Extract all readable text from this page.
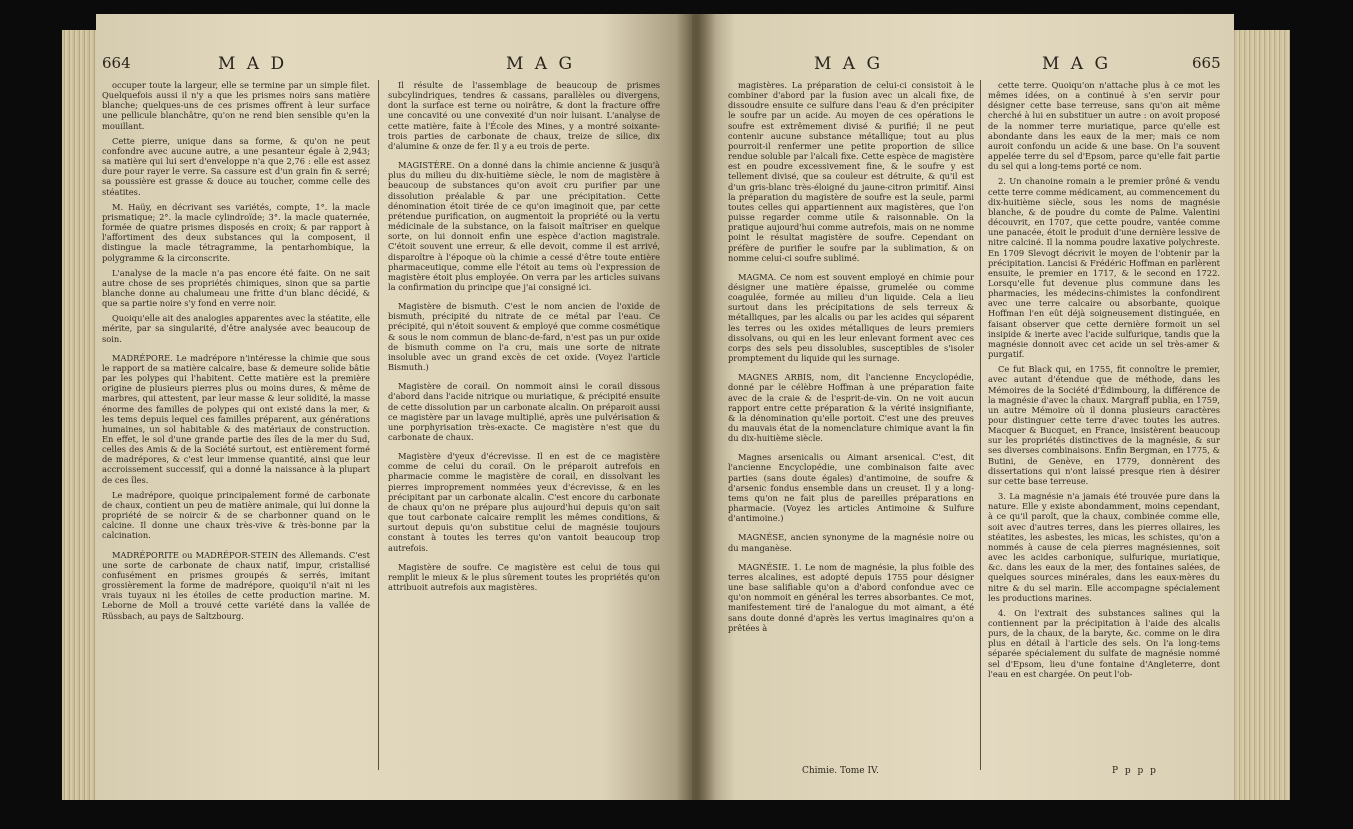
664	M A D	M A G

occuper toute la largeur, elle se termine par un simple filet. Quelquefois aussi il n'y a que les prismes noirs sans matière blanche; quelques-uns de ces prismes offrent à leur surface une pellicule blanchâtre, qu'on ne rend bien sensible qu'en la mouillant.

Cette pierre, unique dans sa forme, & qu'on ne peut confondre avec aucune autre, a une pesanteur égale à 2,943; sa matière qui lui sert d'enveloppe n'a que 2,76 : elle est assez dure pour rayer le verre. Sa cassure est d'un grain fin & serré; sa poussière est grasse & douce au toucher, comme celle des stéatites.

M. Haüy, en décrivant ses variétés, compte, 1°. la macle prismatique; 2°. la macle cylindroïde; 3°. la macle quaternée, formée de quatre prismes disposés en croix; & par rapport à l'affortiment des deux substances qui la composent, il distingue la macle tétragramme, la pentarhombique, la polygramme & la circonscrite.

L'analyse de la macle n'a pas encore été faite. On ne sait autre chose de ses propriétés chimiques, sinon que sa partie blanche donne au chalumeau une fritte d'un blanc décidé, & que sa partie noire s'y fond en verre noir.

Quoiqu'elle ait des analogies apparentes avec la stéatite, elle mérite, par sa singularité, d'être analysée avec beaucoup de soin.

MADRÉPORE. Le madrépore n'intéresse la chimie que sous le rapport de sa matière calcaire, base & demeure solide bâtie par les polypes qui l'habitent. Cette matière est la première origine de plusieurs pierres plus ou moins dures, & même de marbres, qui attestent, par leur masse & leur solidité, la masse énorme des familles de polypes qui ont existé dans la mer, & les tems depuis lequel ces familles préparent, aux générations humaines, un sol habitable & des matériaux de construction. En effet, le sol d'une grande partie des îles de la mer du Sud, celles des Amis & de la Société surtout, est entièrement formé de madrépores, & c'est leur immense quantité, ainsi que leur accroissement successif, qui a donné la naissance à la plupart de ces îles.

Le madrépore, quoique principalement formé de carbonate de chaux, contient un peu de matière animale, qui lui donne la propriété de se noircir & de se charbonner quand on le calcine. Il donne une chaux très-vive & très-bonne par la calcination.

MADRÉPORITE ou MADRÉPOR-STEIN des Allemands. C'est une sorte de carbonate de chaux natif, impur, cristallisé confusément en prismes groupés & serrés, imitant grossièrement la forme de madrépore, quoiqu'il n'ait ni les vrais tuyaux ni les étoiles de cette production marine. M. Leborne de Moll a trouvé cette variété dans la vallée de Rüssbach, au pays de Saltzbourg.

Il résulte de l'assemblage de beaucoup de prismes subcylindriques, tendres & cassans, parallèles ou divergens, dont la surface est terne ou noirâtre, & dont la fracture offre une concavité ou une convexité d'un noir luisant. L'analyse de cette matière, faite à l'École des Mines, y a montré soixante-trois parties de carbonate de chaux, treize de silice, dix d'alumine & onze de fer. Il y a eu trois de perte.

MAGISTÈRE. On a donné dans la chimie ancienne & jusqu'à plus du milieu du dix-huitième siècle, le nom de magistère à beaucoup de substances qu'on avoit cru purifier par une dissolution préalable & par une précipitation. Cette dénomination étoit tirée de ce qu'on imaginoit que, par cette prétendue purification, on augmentoit la propriété ou la vertu médicinale de la substance, on la faisoit maîtriser en quelque sorte, on lui donnoit enfin une espèce d'action magistrale. C'étoit souvent une erreur, & elle devoit, comme il est arrivé, disparoître à l'époque où la chimie a cessé d'être toute entière pharmaceutique, comme elle l'étoit au tems où l'expression de magistère étoit plus employée. On verra par les articles suivans la confirmation du principe que j'ai consigné ici.

Magistère de bismuth. C'est le nom ancien de l'oxide de bismuth, précipité du nitrate de ce métal par l'eau. Ce précipité, qui n'étoit souvent & employé que comme cosmétique & sous le nom commun de blanc-de-fard, n'est pas un pur oxide de bismuth comme on l'a cru, mais une sorte de nitrate insoluble avec un grand excès de cet oxide. (Voyez l'article Bismuth.)

Magistère de corail. On nommoit ainsi le corail dissous d'abord dans l'acide nitrique ou muriatique, & précipité ensuite de cette dissolution par un carbonate alcalin. On préparoit aussi ce magistère par un lavage multiplié, après une pulvérisation & une porphyrisation très-exacte. Ce magistère n'est que du carbonate de chaux.

Magistère d'yeux d'écrevisse. Il en est de ce magistère comme de celui du corail. On le préparoit autrefois en pharmacie comme le magistère de corail, en dissolvant les pierres improprement nommées yeux d'écrevisse, & en les précipitant par un carbonate alcalin. C'est encore du carbonate de chaux qu'on ne prépare plus aujourd'hui depuis qu'on sait que tout carbonate calcaire remplit les mêmes conditions, & surtout depuis qu'on substitue celui de magnésie toujours constant à toutes les terres qu'on vantoit beaucoup trop autrefois.

Magistère de soufre. Ce magistère est celui de tous qui remplit le mieux & le plus sûrement toutes les propriétés qu'on attribuoit autrefois aux magistères.

M A G	M A G	665

magistères. La préparation de celui-ci consistoit à le combiner d'abord par la fusion avec un alcali fixe, de dissoudre ensuite ce sulfure dans l'eau & d'en précipiter le soufre par un acide. Au moyen de ces opérations le soufre est extrêmement divisé & purifié; il ne peut contenir aucune substance métallique; tout au plus pourroit-il renfermer une petite proportion de silice rendue soluble par l'alcali fixe. Cette espèce de magistère est en poudre excessivement fine, & le soufre y est tellement divisé, que sa couleur est détruite, & qu'il est d'un gris-blanc très-éloigné du jaune-citron primitif. Ainsi la préparation du magistère de soufre est la seule, parmi toutes celles qui appartiennent aux magistères, que l'on puisse regarder comme utile & raisonnable. On la pratique aujourd'hui comme autrefois, mais on ne nomme point le résultat magistère de soufre. Cependant on préfère de purifier le soufre par la sublimation, & on nomme celui-ci soufre sublimé.

MAGMA. Ce nom est souvent employé en chimie pour désigner une matière épaisse, grumelée ou comme coagulée, formée au milieu d'un liquide. Cela a lieu surtout dans les précipitations de sels terreux & métalliques, par les alcalis ou par les acides qui séparent les terres ou les oxides métalliques de leurs premiers dissolvans, ou qui en les leur enlevant forment avec ces corps des sels peu dissolubles, susceptibles de s'isoler promptement du liquide qui les surnage.

MAGNES ARBIS, nom, dit l'ancienne Encyclopédie, donné par le célèbre Hoffman à une préparation faite avec de la craie & de l'esprit-de-vin. On ne voit aucun rapport entre cette préparation & la vérité insignifiante, & la dénomination qu'elle portoit. C'est une des preuves du mauvais état de la nomenclature chimique avant la fin du dix-huitième siècle.

Magnes arsenicalis ou Aimant arsenical. C'est, dit l'ancienne Encyclopédie, une combinaison faite avec parties (sans doute égales) d'antimoine, de soufre & d'arsenic fondus ensemble dans un creuset. Il y a long-tems qu'on ne fait plus de pareilles préparations en pharmacie. (Voyez les articles Antimoine & Sulfure d'antimoine.)

MAGNÉSE, ancien synonyme de la magnésie noire ou du manganèse.

MAGNÉSIE. 1. Le nom de magnésie, la plus foible des terres alcalines, est adopté depuis 1755 pour désigner une base salifiable qu'on a d'abord confondue avec ce qu'on nommoit en général les terres absorbantes. Ce mot, manifestement tiré de l'analogue du mot aimant, a été sans doute donné d'après les vertus imaginaires qu'on a prêtées à

Chimie. Tome IV.

cette terre. Quoiqu'on n'attache plus à ce mot les mêmes idées, on a continué à s'en servir pour désigner cette base terreuse, sans qu'on ait même cherché à lui en substituer un autre : on avoit proposé de la nommer terre muriatique, parce qu'elle est abondante dans les eaux de la mer; mais ce nom auroit confondu un acide & une base. On l'a souvent appelée terre du sel d'Epsom, parce qu'elle fait partie du sel qui a long-tems porté ce nom.

2. Un chanoine romain a le premier prôné & vendu cette terre comme médicament, au commencement du dix-huitième siècle, sous les noms de magnésie blanche, & de poudre du comte de Palme. Valentini découvrit, en 1707, que cette poudre, vantée comme une panacée, étoit le produit d'une dernière lessive de nitre calciné. Il la nomma poudre laxative polychreste. En 1709 Slevogt décrivit le moyen de l'obtenir par la précipitation. Lancisi & Frédéric Hoffman en parlèrent ensuite, le premier en 1717, & le second en 1722. Lorsqu'elle fut devenue plus commune dans les pharmacies, les médecins-chimistes la confondirent avec une terre calcaire ou absorbante, quoique Hoffman l'en eût déjà soigneusement distinguée, en faisant observer que cette dernière formoit un sel insipide & inerte avec l'acide sulfurique, tandis que la magnésie donnoit avec cet acide un sel très-amer & purgatif.

Ce fut Black qui, en 1755, fit connoître le premier, avec autant d'étendue que de méthode, dans les Mémoires de la Société d'Édimbourg, la différence de la magnésie d'avec la chaux. Margraff publia, en 1759, un autre Mémoire où il donna plusieurs caractères pour distinguer cette terre d'avec toutes les autres. Macquer & Bucquet, en France, insistèrent beaucoup sur les propriétés distinctives de la magnésie, & sur ses diverses combinaisons. Enfin Bergman, en 1775, & Butini, de Genève, en 1779, donnèrent des dissertations qui n'ont laissé presque rien à désirer sur cette base terreuse.

3. La magnésie n'a jamais été trouvée pure dans la nature. Elle y existe abondamment, moins cependant, à ce qu'il paroît, que la chaux, combinée comme elle, soit avec d'autres terres, dans les pierres ollaires, les stéatites, les asbestes, les micas, les schistes, qu'on a nommés à cause de cela pierres magnésiennes, soit avec les acides carbonique, sulfurique, muriatique, &c. dans les eaux de la mer, des fontaines salées, de quelques sources minérales, dans les eaux-mères du nitre & du sel marin. Elle accompagne spécialement les productions marines.

4. On l'extrait des substances salines qui la contiennent par la précipitation à l'aide des alcalis purs, de la chaux, de la baryte, &c. comme on le dira plus en détail à l'article des sels. On l'a long-tems séparée spécialement du sulfate de magnésie nommé sel d'Epsom, lieu d'une fontaine d'Angleterre, dont l'eau en est chargée. On peut l'ob-

P p p p
